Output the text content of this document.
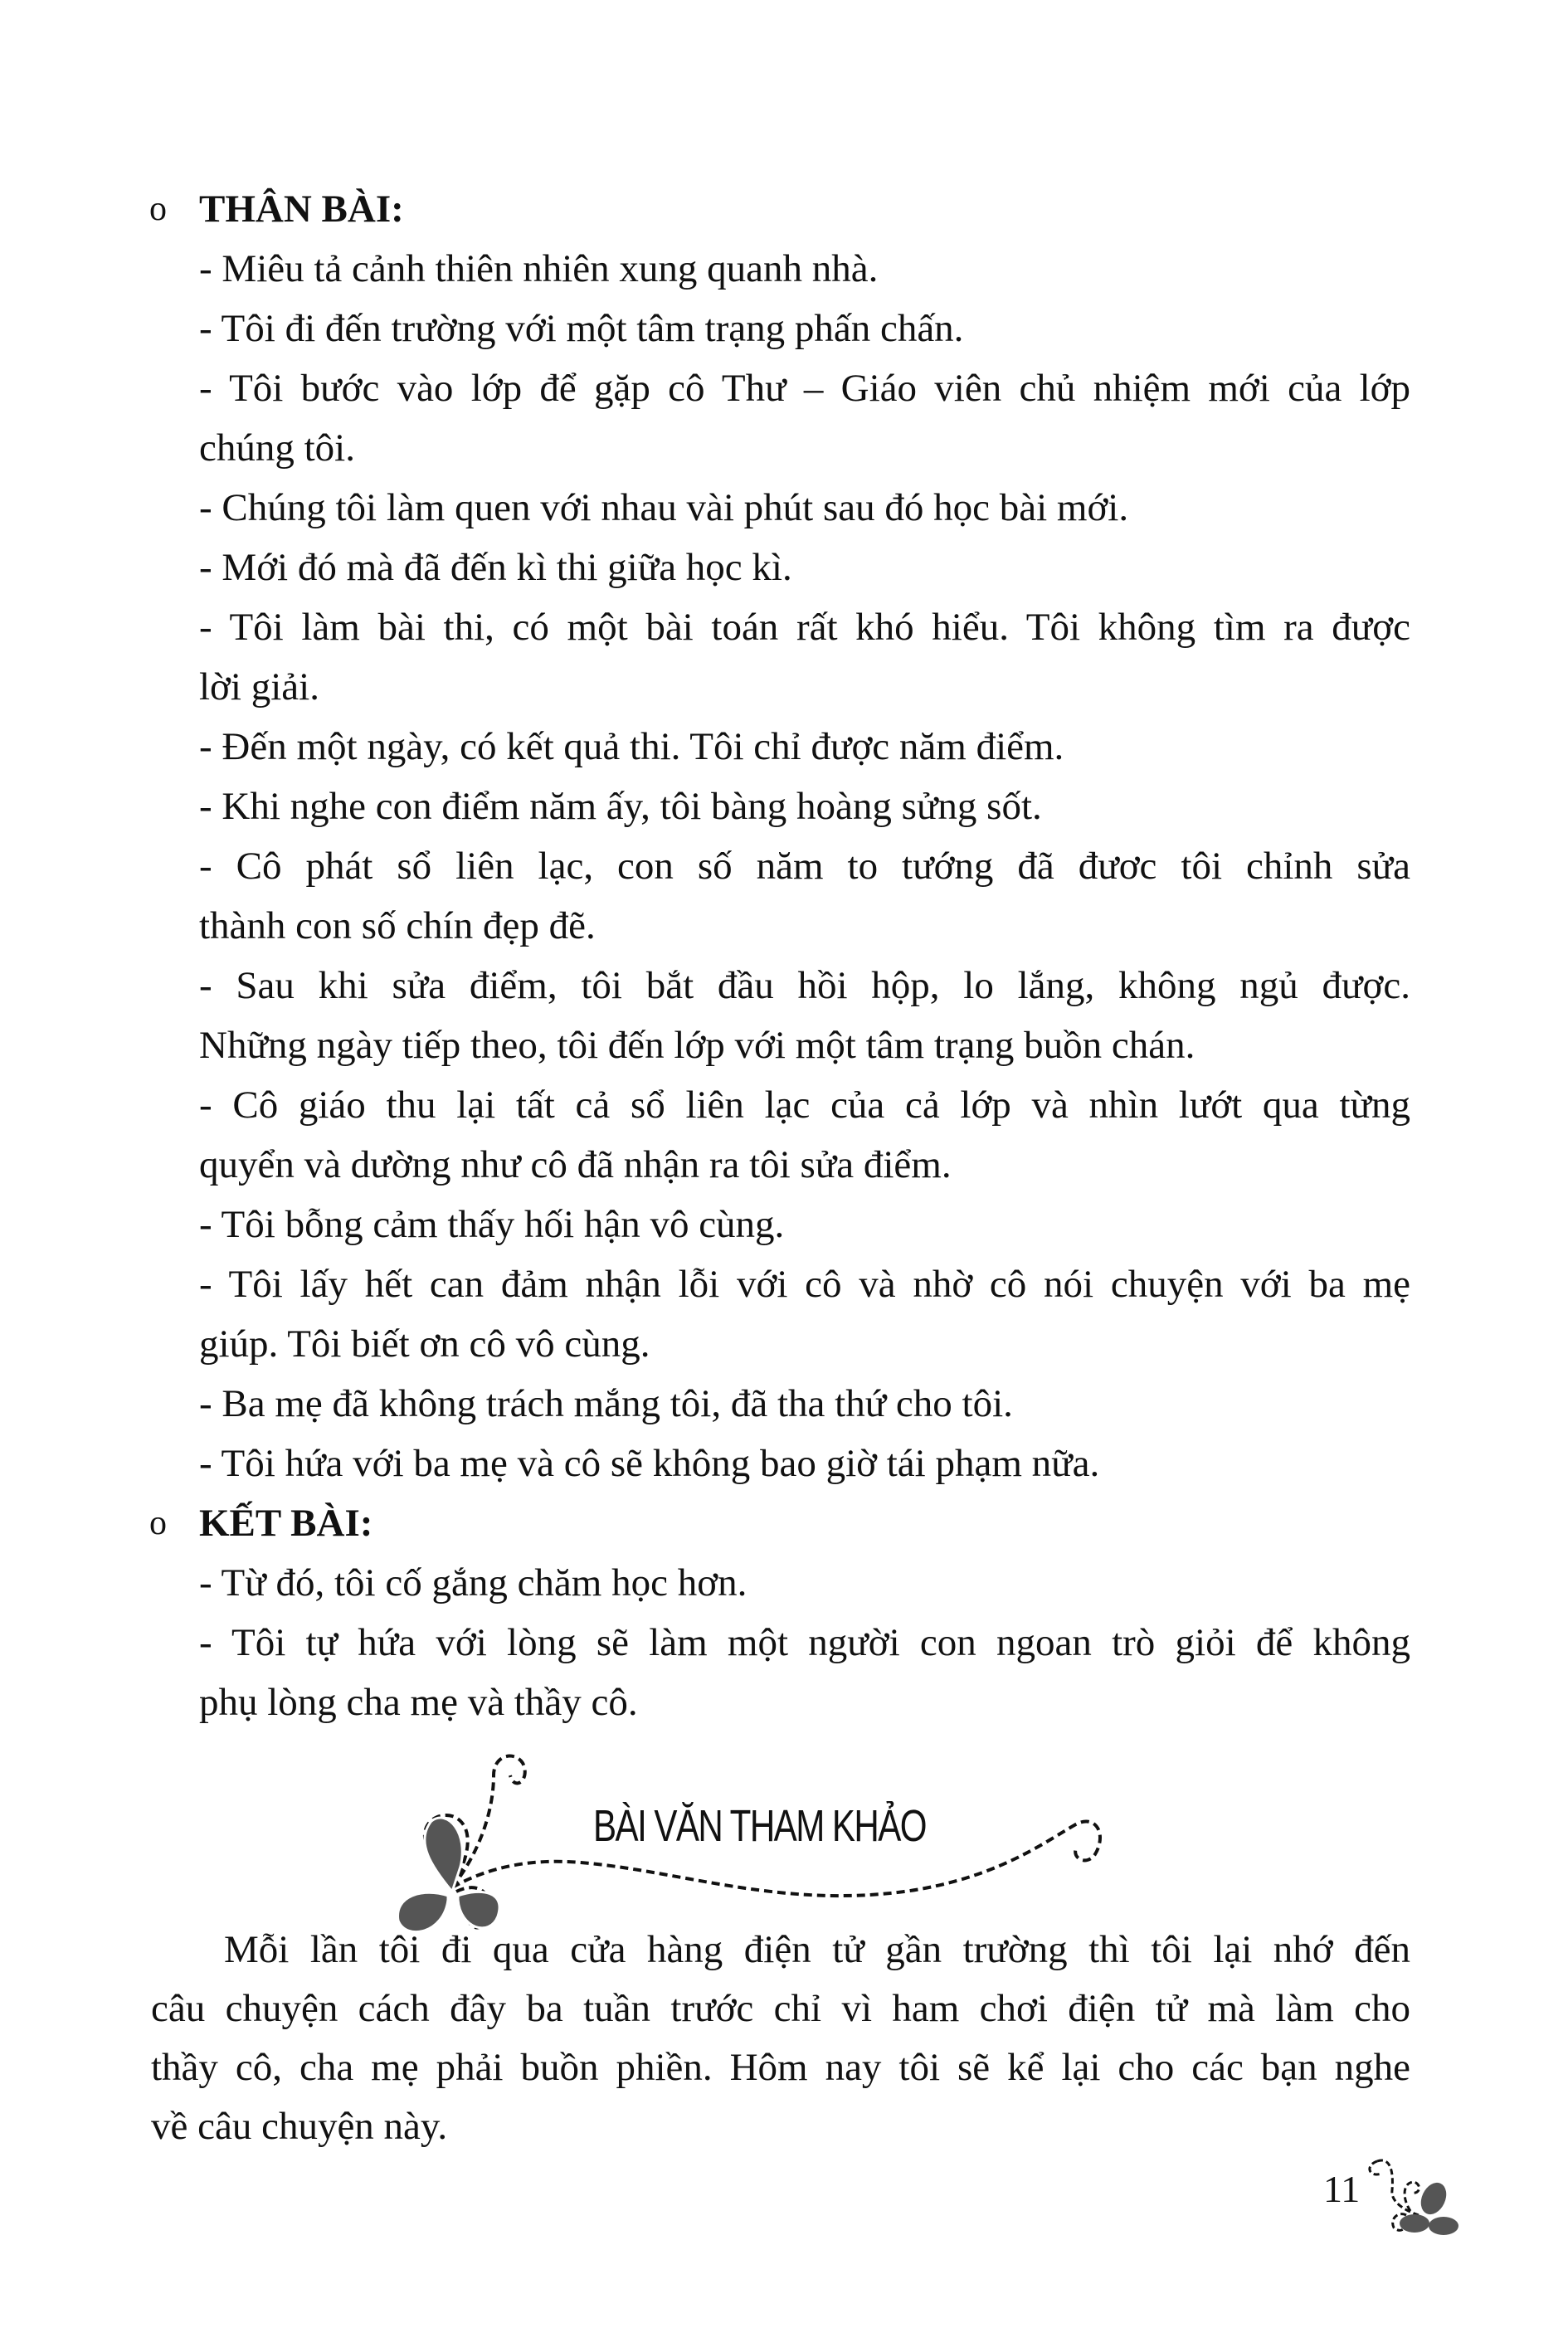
o THÂN BÀI:
- Miêu tả cảnh thiên nhiên xung quanh nhà.
- Tôi đi đến trường với một tâm trạng phấn chấn.
- Tôi bước vào lớp để gặp cô Thư – Giáo viên chủ nhiệm mới của lớp
chúng tôi.
- Chúng tôi làm quen với nhau vài phút sau đó học bài mới.
- Mới đó mà đã đến kì thi giữa học kì.
- Tôi làm bài thi, có một bài toán rất khó hiểu. Tôi không tìm ra được
lời giải.
- Đến một ngày, có kết quả thi. Tôi chỉ được năm điểm.
- Khi nghe con điểm năm ấy, tôi bàng hoàng sửng sốt.
- Cô phát sổ liên lạc, con số năm to tướng đã đươc tôi chỉnh sửa
thành con số chín đẹp đẽ.
- Sau khi sửa điểm, tôi bắt đầu hồi hộp, lo lắng, không ngủ được.
Những ngày tiếp theo, tôi đến lớp với một tâm trạng buồn chán.
- Cô giáo thu lại tất cả sổ liên lạc của cả lớp và nhìn lướt qua từng
quyển và dường như cô đã nhận ra tôi sửa điểm.
- Tôi bỗng cảm thấy hối hận vô cùng.
- Tôi lấy hết can đảm nhận lỗi với cô và nhờ cô nói chuyện với ba mẹ
giúp. Tôi biết ơn cô vô cùng.
- Ba mẹ đã không trách mắng tôi, đã tha thứ cho tôi.
- Tôi hứa với ba mẹ và cô sẽ không bao giờ tái phạm nữa.
o KẾT BÀI:
- Từ đó, tôi cố gắng chăm học hơn.
- Tôi tự hứa với lòng sẽ làm một người con ngoan trò giỏi để không
phụ lòng cha mẹ và thầy cô.
BÀI VĂN THAM KHẢO
Mỗi lần tôi đi qua cửa hàng điện tử gần trường thì tôi lại nhớ đến
câu chuyện cách đây ba tuần trước chỉ vì ham chơi điện tử mà làm cho
thầy cô, cha mẹ phải buồn phiền. Hôm nay tôi sẽ kể lại cho các bạn nghe
về câu chuyện này.
11
